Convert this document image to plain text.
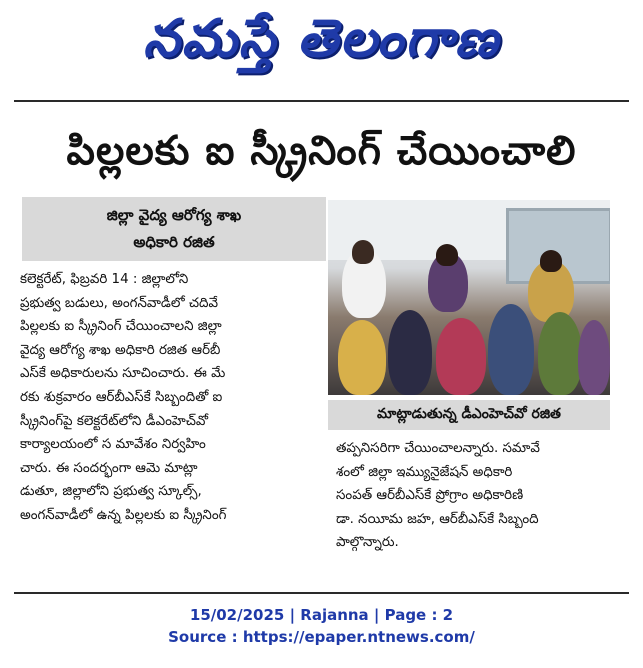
నమస్తే తెలంగాణ
పిల్లలకు ఐ స్క్రీనింగ్ చేయించాలి
జిల్లా వైద్య ఆరోగ్య శాఖ
అధికారి రజిత
కలెక్టరేట్, ఫిబ్రవరి 14 : జిల్లాలోని
ప్రభుత్వ బడులు, అంగన్‌వాడీలో చదివే
పిల్లలకు ఐ స్క్రీనింగ్ చేయించాలని జిల్లా
వైద్య ఆరోగ్య శాఖ అధికారి రజిత ఆర్‌బీ
ఎస్‌కే అధికారులను సూచించారు. ఈ మే
రకు శుక్రవారం ఆర్‌బీఎస్‌కే సిబ్బందితో ఐ
స్క్రీనింగ్‌పై కలెక్టరేట్‌లోని డీఎంహెచ్‌వో
కార్యాలయంలో స మావేశం నిర్వహిం
చారు. ఈ సందర్భంగా ఆమె మాట్లా
డుతూ, జిల్లాలోని ప్రభుత్వ స్కూల్స్,
అంగన్‌వాడీలో ఉన్న పిల్లలకు ఐ స్క్రీనింగ్
మాట్లాడుతున్న డీఎంహెచ్‌వో రజిత
తప్పనిసరిగా చేయించాలన్నారు. సమావే
శంలో జిల్లా ఇమ్యునైజేషన్ అధికారి
సంపత్ ఆర్‌బీఎస్‌కే ప్రోగ్రాం అధికారిణి
డా. నయీమ జహ, ఆర్‌బీఎస్‌కే సిబ్బంది
పాల్గొన్నారు.
15/02/2025 | Rajanna | Page : 2
Source : https://epaper.ntnews.com/
